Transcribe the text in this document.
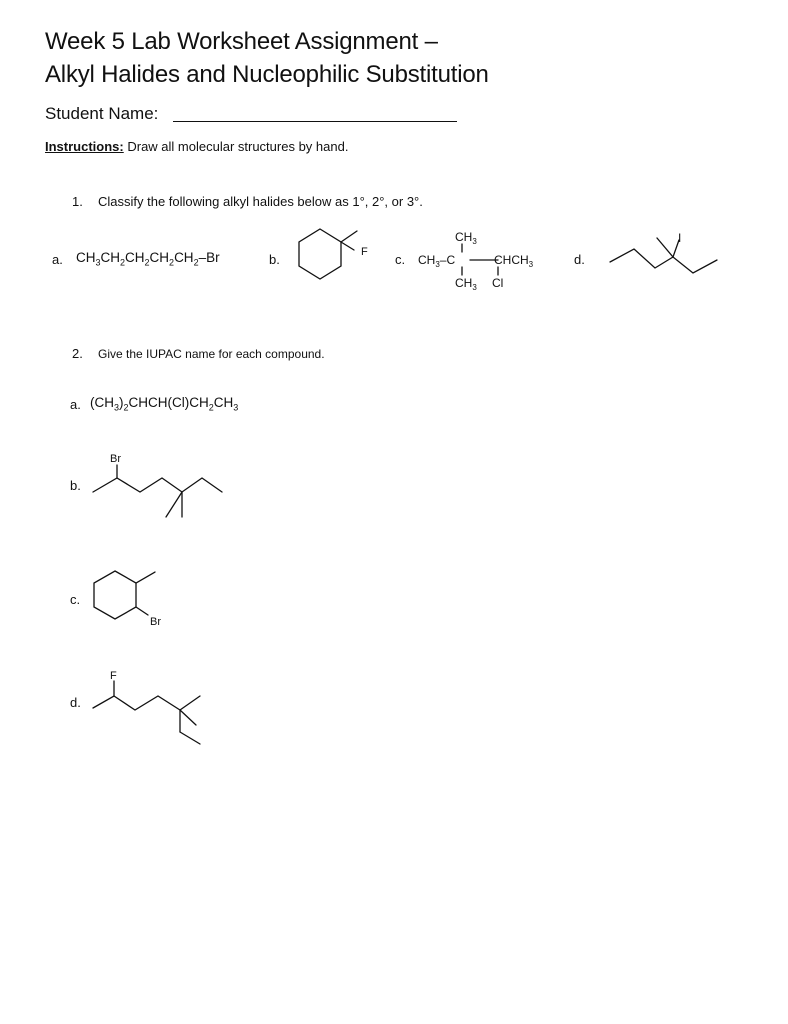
Week 5 Lab Worksheet Assignment –
Alkyl Halides and Nucleophilic Substitution
Student Name:
Instructions: Draw all molecular structures by hand.
1. Classify the following alkyl halides below as 1°, 2°, or 3°.
a. $CH_3CH_2CH_2CH_2CH_2-Br$	b.	c.	d.
2. Give the IUPAC name for each compound.
a. $(CH_3)_2CHCH(Cl)CH_2CH_3$
b.
c.
d.
F
$CH_3$
$CH_3-C$	$CHCH_3$
$CH_3$ Cl
I
Br
Br
F
